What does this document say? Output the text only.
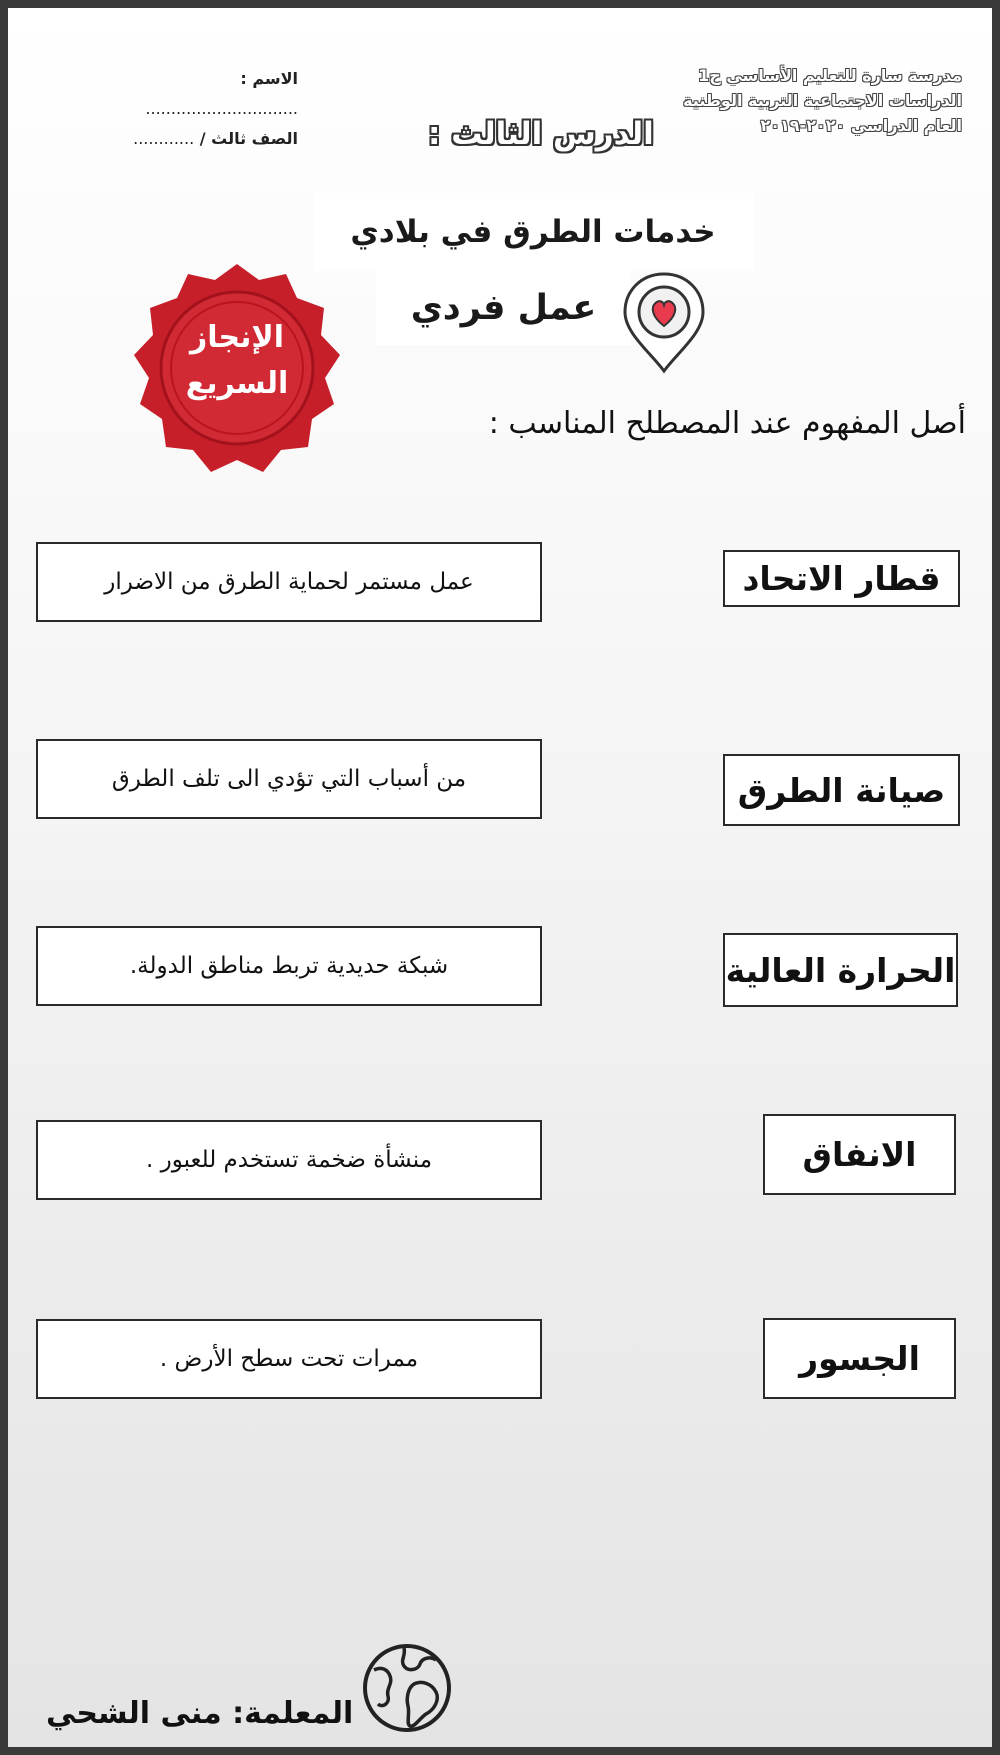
مدرسة سارة للتعليم الأساسي ح1
الدراسات الاجتماعية التربية الوطنية
العام الدراسي ٢٠٢٠-٢٠١٩
الاسم : ..............................
الصف ثالث / ............	الدرس الثالث :
خدمات الطرق في بلادي
عمل فردي
الإنجاز
السريع
أصل المفهوم عند المصطلح المناسب :
عمل مستمر لحماية الطرق من الاضرار
من أسباب التي تؤدي الى تلف الطرق
شبكة حديدية تربط مناطق الدولة.
منشأة ضخمة تستخدم للعبور .
ممرات تحت سطح الأرض .
قطار الاتحاد
صيانة الطرق
الحرارة العالية
الانفاق
الجسور
المعلمة: منى الشحي
